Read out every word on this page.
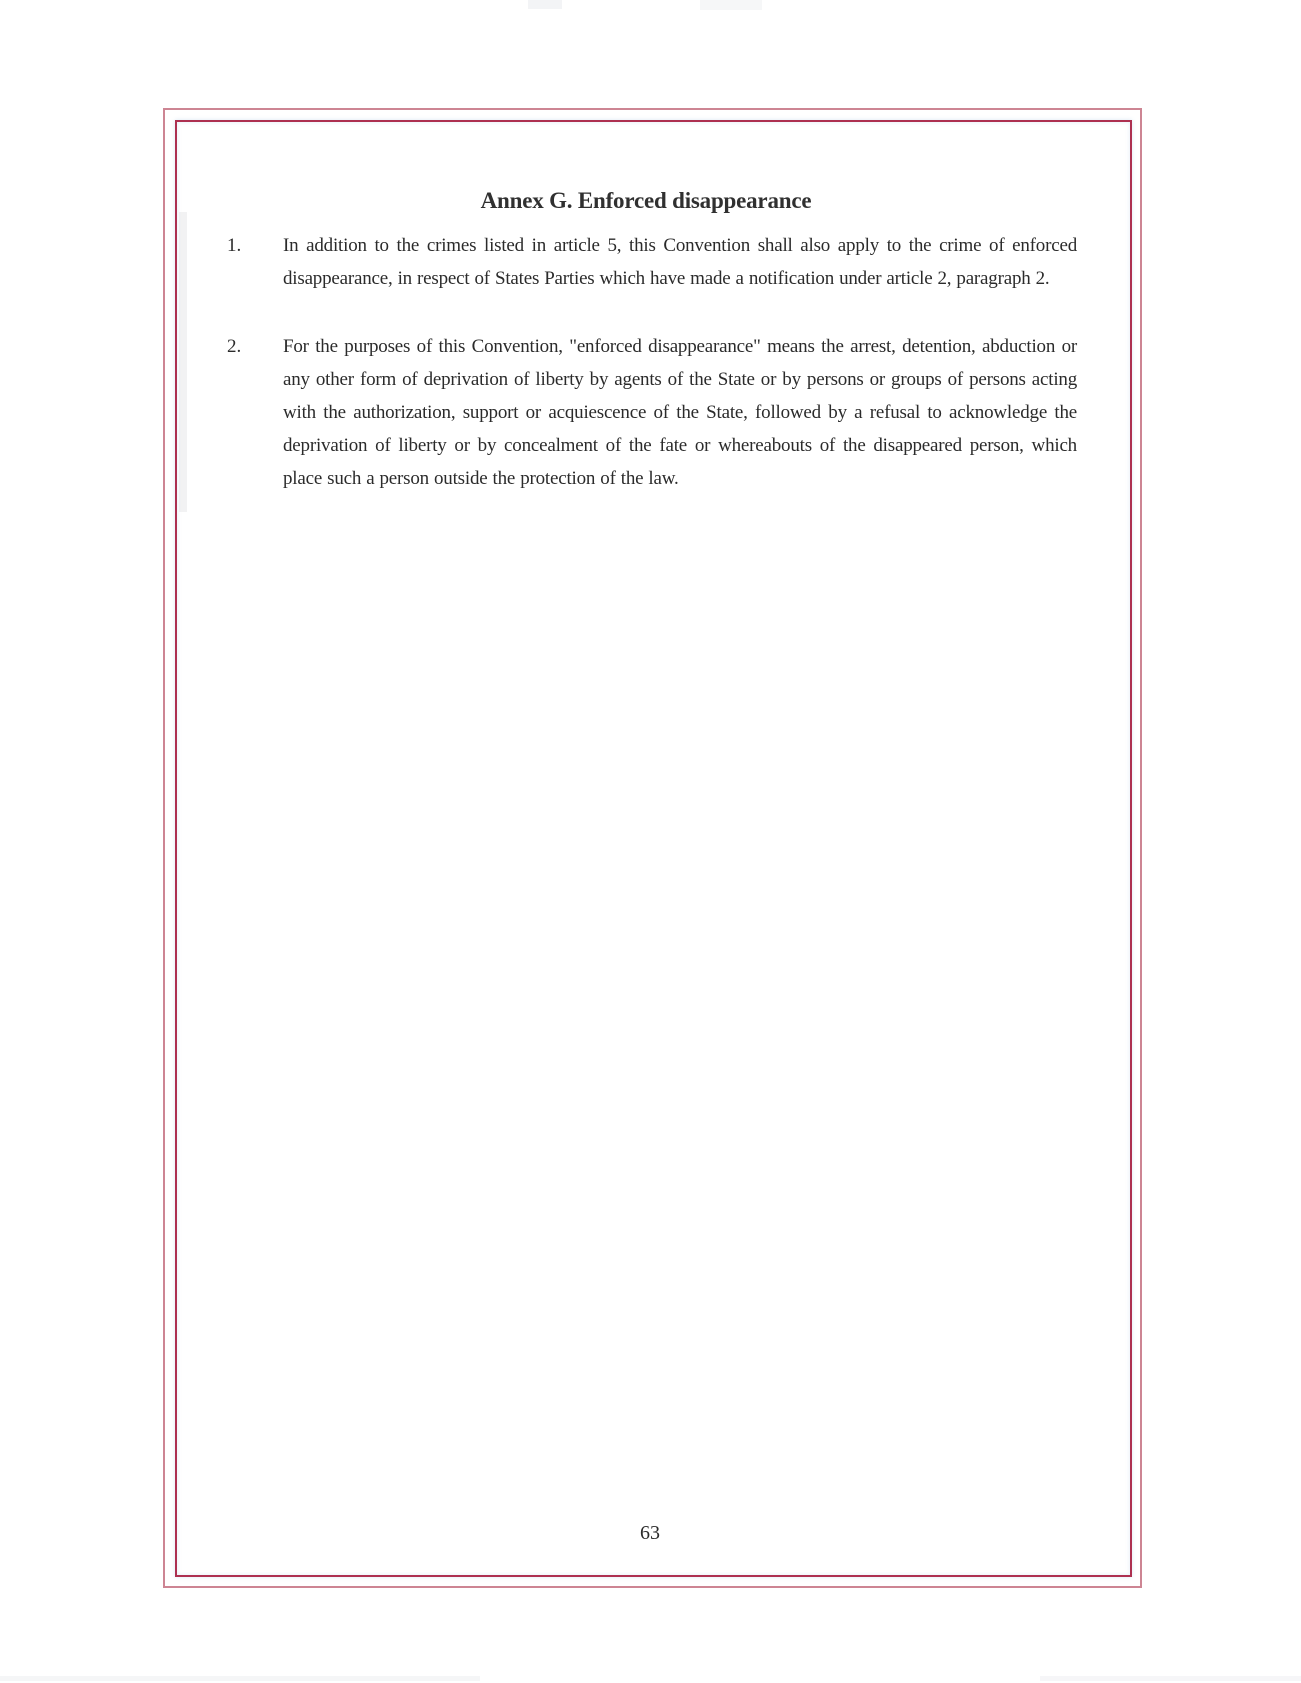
Annex G. Enforced disappearance
1. In addition to the crimes listed in article 5, this Convention shall also apply to the crime of enforced disappearance, in respect of States Parties which have made a notification under article 2, paragraph 2.
2. For the purposes of this Convention, "enforced disappearance" means the arrest, detention, abduction or any other form of deprivation of liberty by agents of the State or by persons or groups of persons acting with the authorization, support or acquiescence of the State, followed by a refusal to acknowledge the deprivation of liberty or by concealment of the fate or whereabouts of the disappeared person, which place such a person outside the protection of the law.
63
